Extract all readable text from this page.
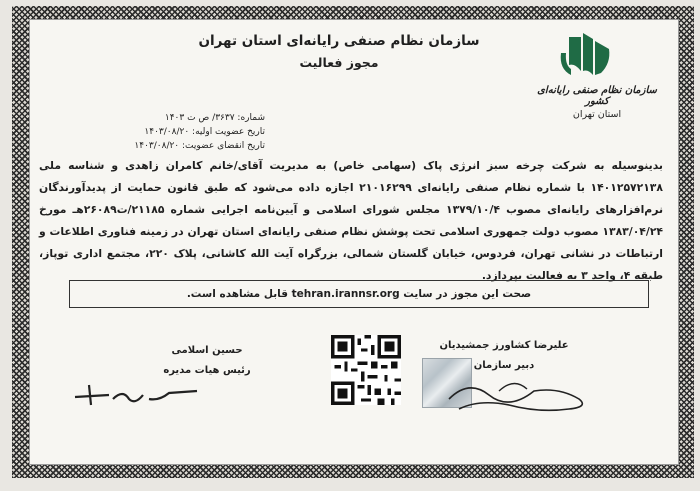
سازمان نظام صنفی رایانه‌ای استان تهران
مجوز فعالیت
سازمان نظام صنفی رایانه‌ای کشور
استان تهران
شماره: ۳۶۳۷/ ص ت ۱۴۰۳
تاریخ عضویت اولیه: ۱۴۰۳/۰۸/۲۰
تاریخ انقضای عضویت: ۱۴۰۳/۰۸/۲۰
بدینوسیله به شرکت چرخه سبز انرژی پاک (سهامی خاص) به مدیریت آقای/خانم کامران زاهدی و شناسه ملی ۱۴۰۱۲۵۷۲۱۳۸ با شماره نظام صنفی رایانه‌ای ۲۱۰۱۶۲۹۹ اجازه داده می‌شود که طبق قانون حمایت از پدیدآورندگان نرم‌افزارهای رایانه‌ای مصوب ۱۳۷۹/۱۰/۴ مجلس شورای اسلامی و آیین‌نامه اجرایی شماره ۲۱۱۸۵/ت۲۶۰۸۹هـ مورخ ۱۳۸۳/۰۴/۲۴ مصوب دولت جمهوری اسلامی تحت پوشش نظام صنفی رایانه‌ای استان تهران در زمینه فناوری اطلاعات و ارتباطات در نشانی تهران، فردوس، خیابان گلستان شمالی، بزرگراه آیت الله کاشانی، پلاک ۲۲۰، مجتمع اداری توپاز، طبقه ۴، واحد ۳ به فعالیت بپردازد.
صحت این مجوز در سایت tehran.irannsr.org قابل مشاهده است.
علیرضا کشاورز جمشیدیان
دبیر سازمان
حسین اسلامی
رئیس هیات مدیره
